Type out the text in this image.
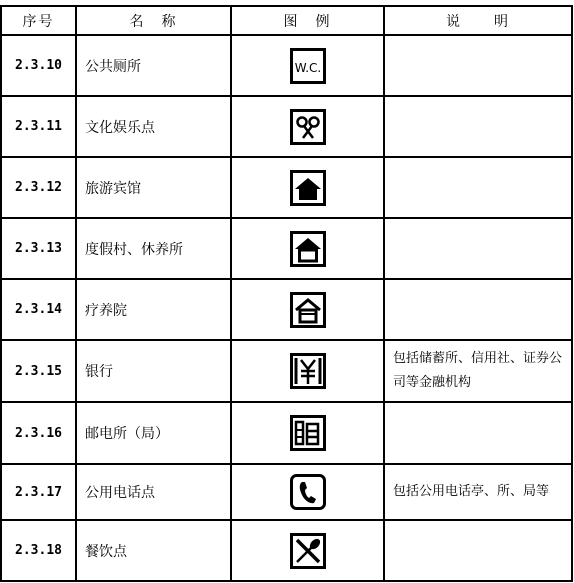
序号	名　称	图　例	说　　明
2.3.10	公共厕所	W.C.	

2.3.11	文化娱乐点	

2.3.12	旅游宾馆	

2.3.13	度假村、休养所	

2.3.14	疗养院	

2.3.15	银行		包括储蓄所、信用社、证券公司等金融机构
2.3.16	邮电所（局）	

2.3.17	公用电话点		包括公用电话亭、所、局等
2.3.18	餐饮点	
